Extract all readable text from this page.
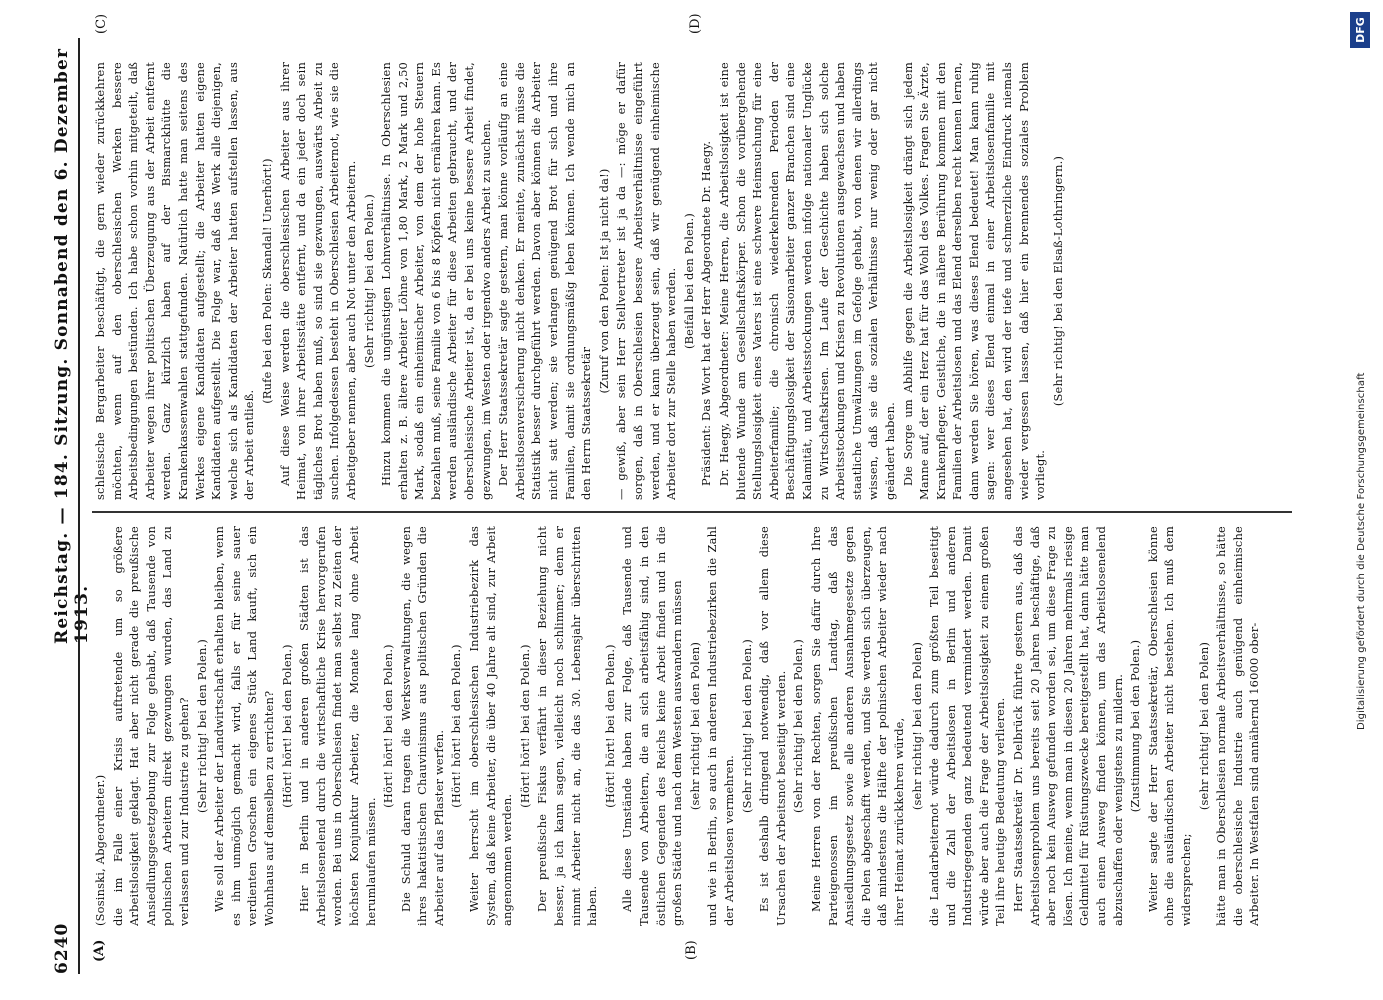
6240
Reichstag. — 184. Sitzung. Sonnabend den 6. Dezember 1913.
(A)	(B)
(C)	(D)

(Sosinski, Abgeordneter.) die im Falle einer Krisis auftretende um so größere Arbeitslosigkeit geklagt. Hat aber nicht gerade die preußische Ansiedlungsgesetzgebung zur Folge gehabt, daß Tausende von polnischen Arbeitern direkt gezwungen wurden, das Land zu verlassen und zur Industrie zu gehen? (Sehr richtig! bei den Polen.) Wie soll der Arbeiter der Landwirtschaft erhalten bleiben, wenn es ihm unmöglich gemacht wird, falls er für seine sauer verdienten Groschen ein eigenes Stück Land kauft, sich ein Wohnhaus auf demselben zu errichten? (Hört! hört! bei den Polen.) Hier in Berlin und in anderen großen Städten ist das Arbeitslosenelend durch die wirtschaftliche Krise hervorgerufen worden. Bei uns in Oberschlesien findet man selbst zu Zeiten der höchsten Konjunktur Arbeiter, die Monate lang ohne Arbeit herumlaufen müssen.

(Hört! hört! bei den Polen.) Die Schuld daran tragen die Werksverwaltungen, die wegen ihres hakatistischen Chauvinismus aus politischen Gründen die Arbeiter auf das Pflaster werfen.

(Hört! hört! bei den Polen.) Weiter herrscht im oberschlesischen Industriebezirk das System, daß keine Arbeiter, die über 40 Jahre alt sind, zur Arbeit angenommen werden.

(Hört! hört! bei den Polen.) Der preußische Fiskus verfährt in dieser Beziehung nicht besser, ja ich kann sagen, vielleicht noch schlimmer; denn er nimmt Arbeiter nicht an, die das 30. Lebensjahr überschritten haben.

(Hört! hört! bei den Polen.) Alle diese Umstände haben zur Folge, daß Tausende und Tausende von Arbeitern, die an sich arbeitsfähig sind, in den östlichen Gegenden des Reichs keine Arbeit finden und in die großen Städte und nach dem Westen auswandern müssen (sehr richtig! bei den Polen) und wie in Berlin, so auch in anderen Industriebezirken die Zahl der Arbeitslosen vermehren.

(Sehr richtig! bei den Polen.) Es ist deshalb dringend notwendig, daß vor allem diese Ursachen der Arbeitsnot beseitigt werden. (Sehr richtig! bei den Polen.) Meine Herren von der Rechten, sorgen Sie dafür durch Ihre Parteigenossen im preußischen Landtag, daß das Ansiedlungsgesetz sowie alle anderen Ausnahmegesetze gegen die Polen abgeschafft werden, und Sie werden sich überzeugen, daß mindestens die Hälfte der polnischen Arbeiter wieder nach ihrer Heimat zurückkehren würde, (sehr richtig! bei den Polen) die Landarbeiternot würde dadurch zum größten Teil beseitigt und die Zahl der Arbeitslosen in Berlin und anderen Industriegegenden ganz bedeutend vermindert werden. Damit würde aber auch die Frage der Arbeitslosigkeit zu einem großen Teil ihre heutige Bedeutung verlieren. Herr Staatssekretär Dr. Delbrück führte gestern aus, daß das Arbeitslosenproblem uns bereits seit 20 Jahren beschäftige, daß aber noch kein Ausweg gefunden worden sei, um diese Frage zu lösen. Ich meine, wenn man in diesen 20 Jahren mehrmals riesige Geldmittel für Rüstungszwecke bereitgestellt hat, dann hätte man auch einen Ausweg finden können, um das Arbeitslosenelend abzuschaffen oder wenigstens zu mildern. (Zustimmung bei den Polen.) Weiter sagte der Herr Staatssekretär, Oberschlesien könne ohne die ausländischen Arbeiter nicht bestehen. Ich muß dem widersprechen;

(sehr richtig! bei den Polen) hätte man in Oberschlesien normale Arbeitsverhältnisse, so hätte die oberschlesische Industrie auch genügend einheimische Arbeiter. In Westfalen sind annähernd 16000 ober-

schlesische Bergarbeiter beschäftigt, die gern wieder zurückkehren möchten, wenn auf den oberschlesischen Werken bessere Arbeitsbedingungen bestünden. Ich habe schon vorhin mitgeteilt, daß Arbeiter wegen ihrer politischen Überzeugung aus der Arbeit entfernt werden. Ganz kürzlich haben auf der Bismarckhütte die Krankenkassenwahlen stattgefunden. Natürlich hatte man seitens des Werkes eigene Kandidaten aufgestellt; die Arbeiter hatten eigene Kandidaten aufgestellt. Die Folge war, daß das Werk alle diejenigen, welche sich als Kandidaten der Arbeiter hatten aufstellen lassen, aus der Arbeit entließ.

(Rufe bei den Polen: Skandal! Unerhört!) Auf diese Weise werden die oberschlesischen Arbeiter aus ihrer Heimat, von ihrer Arbeitsstätte entfernt, und da ein jeder doch sein tägliches Brot haben muß, so sind sie gezwungen, auswärts Arbeit zu suchen. Infolgedessen besteht in Oberschlesien Arbeiternot, wie sie die Arbeitgeber nennen, aber auch Not unter den Arbeitern. (Sehr richtig! bei den Polen.) Hinzu kommen die ungünstigen Lohnverhältnisse. In Oberschlesien erhalten z. B. ältere Arbeiter Löhne von 1,80 Mark, 2 Mark und 2,50 Mark, sodaß ein einheimischer Arbeiter, von dem der hohe Steuern bezahlen muß, seine Familie von 6 bis 8 Köpfen nicht ernähren kann. Es werden ausländische Arbeiter für diese Arbeiten gebraucht, und der oberschlesische Arbeiter ist, da er bei uns keine bessere Arbeit findet, gezwungen, im Westen oder irgendwo anders Arbeit zu suchen. Der Herr Staatssekretär sagte gestern, man könne vorläufig an eine Arbeitslosenversicherung nicht denken. Er meinte, zunächst müsse die Statistik besser durchgeführt werden. Davon aber können die Arbeiter nicht satt werden; sie verlangen genügend Brot für sich und ihre Familien, damit sie ordnungsmäßig leben können. Ich wende mich an den Herrn Staatssekretär

(Zuruf von den Polen: Ist ja nicht da!) — gewiß, aber sein Herr Stellvertreter ist ja da —: möge er dafür sorgen, daß in Oberschlesien bessere Arbeitsverhältnisse eingeführt werden, und er kann überzeugt sein, daß wir genügend einheimische Arbeiter dort zur Stelle haben werden. (Beifall bei den Polen.) Präsident: Das Wort hat der Herr Abgeordnete Dr. Haegy. Dr. Haegy, Abgeordneter: Meine Herren, die Arbeitslosigkeit ist eine blutende Wunde am Gesellschaftskörper. Schon die vorübergehende Stellungslosigkeit eines Vaters ist eine schwere Heimsuchung für eine Arbeiterfamilie; die chronisch wiederkehrenden Perioden der Beschäftigungslosigkeit der Saisonarbeiter ganzer Branchen sind eine Kalamität, und Arbeitsstockungen werden infolge nationaler Unglücke zu Wirtschaftskrisen. Im Laufe der Geschichte haben sich solche Arbeitsstockungen und Krisen zu Revolutionen ausgewachsen und haben staatliche Umwälzungen im Gefolge gehabt, von denen wir allerdings wissen, daß sie die sozialen Verhältnisse nur wenig oder gar nicht geändert haben. Die Sorge um Abhilfe gegen die Arbeitslosigkeit drängt sich jedem Manne auf, der ein Herz hat für das Wohl des Volkes. Fragen Sie Ärzte, Krankenpfleger, Geistliche, die in nähere Berührung kommen mit den Familien der Arbeitslosen und das Elend derselben recht kennen lernen, dann werden Sie hören, was dieses Elend bedeutet! Man kann ruhig sagen: wer dieses Elend einmal in einer Arbeitslosenfamilie mit angesehen hat, den wird der tiefe und schmerzliche Eindruck niemals wieder vergessen lassen, daß hier ein brennendes soziales Problem vorliegt.

(Sehr richtig! bei den Elsaß-Lothringern.)

Digitalisierung gefördert durch die Deutsche Forschungsgemeinschaft
DFG
